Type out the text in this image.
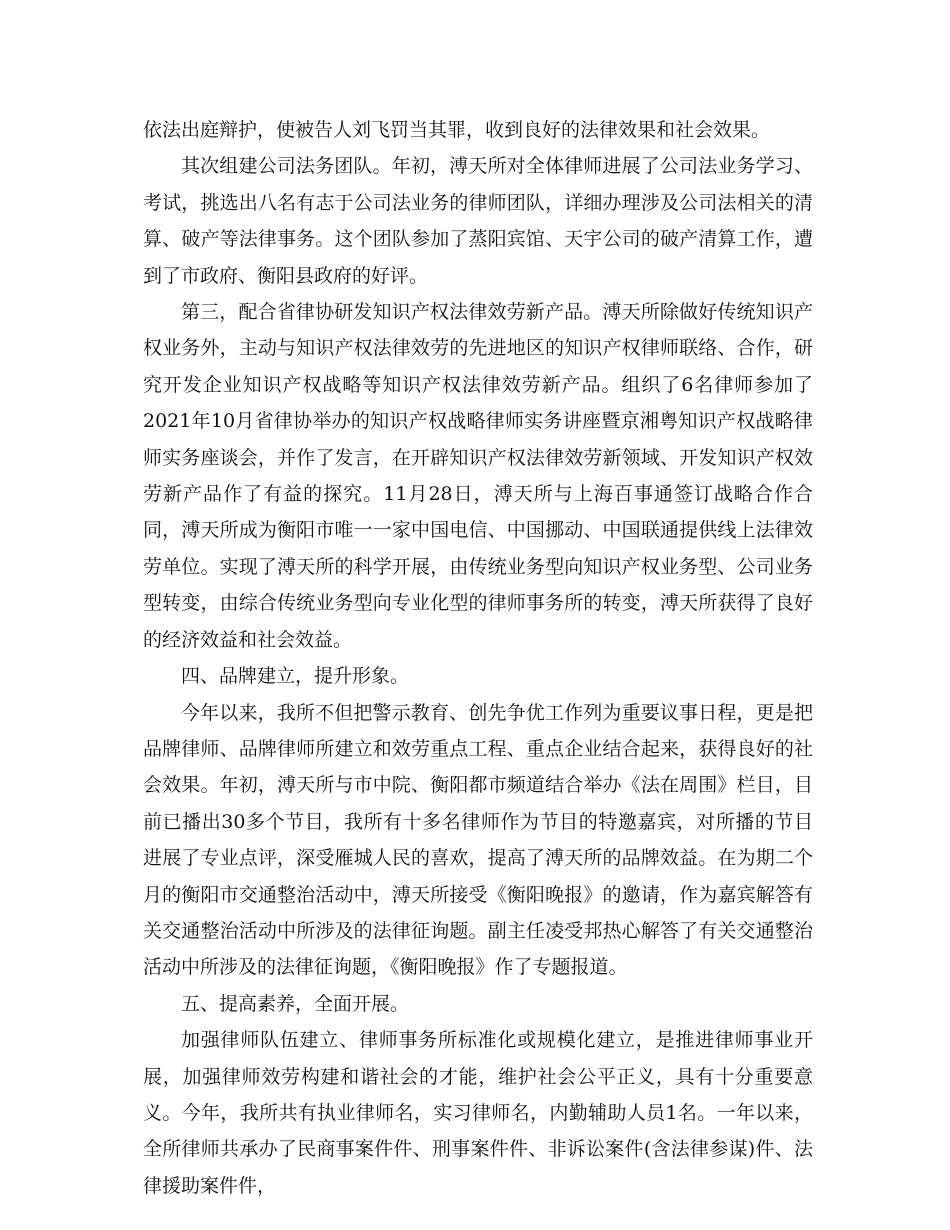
依法出庭辩护，使被告人刘飞罚当其罪，收到良好的法律效果和社会效果。

其次组建公司法务团队。年初，溥天所对全体律师进展了公司法业务学习、考试，挑选出八名有志于公司法业务的律师团队，详细办理涉及公司法相关的清算、破产等法律事务。这个团队参加了蒸阳宾馆、天宇公司的破产清算工作，遭到了市政府、衡阳县政府的好评。

第三，配合省律协研发知识产权法律效劳新产品。溥天所除做好传统知识产权业务外，主动与知识产权法律效劳的先进地区的知识产权律师联络、合作，研究开发企业知识产权战略等知识产权法律效劳新产品。组织了6名律师参加了2021年10月省律协举办的知识产权战略律师实务讲座暨京湘粤知识产权战略律师实务座谈会，并作了发言，在开辟知识产权法律效劳新领域、开发知识产权效劳新产品作了有益的探究。11月28日，溥天所与上海百事通签订战略合作合同，溥天所成为衡阳市唯一一家中国电信、中国挪动、中国联通提供线上法律效劳单位。实现了溥天所的科学开展，由传统业务型向知识产权业务型、公司业务型转变，由综合传统业务型向专业化型的律师事务所的转变，溥天所获得了良好的经济效益和社会效益。

四、品牌建立，提升形象。

今年以来，我所不但把警示教育、创先争优工作列为重要议事日程，更是把品牌律师、品牌律师所建立和效劳重点工程、重点企业结合起来，获得良好的社会效果。年初，溥天所与市中院、衡阳都市频道结合举办《法在周围》栏目，目前已播出30多个节目，我所有十多名律师作为节目的特邀嘉宾，对所播的节目进展了专业点评，深受雁城人民的喜欢，提高了溥天所的品牌效益。在为期二个月的衡阳市交通整治活动中，溥天所接受《衡阳晚报》的邀请，作为嘉宾解答有关交通整治活动中所涉及的法律征询题。副主任凌受邦热心解答了有关交通整治活动中所涉及的法律征询题，《衡阳晚报》作了专题报道。

五、提高素养，全面开展。

加强律师队伍建立、律师事务所标准化或规模化建立，是推进律师事业开展，加强律师效劳构建和谐社会的才能，维护社会公平正义，具有十分重要意义。今年，我所共有执业律师名，实习律师名，内勤辅助人员1名。一年以来，全所律师共承办了民商事案件件、刑事案件件、非诉讼案件(含法律参谋)件、法律援助案件件，
